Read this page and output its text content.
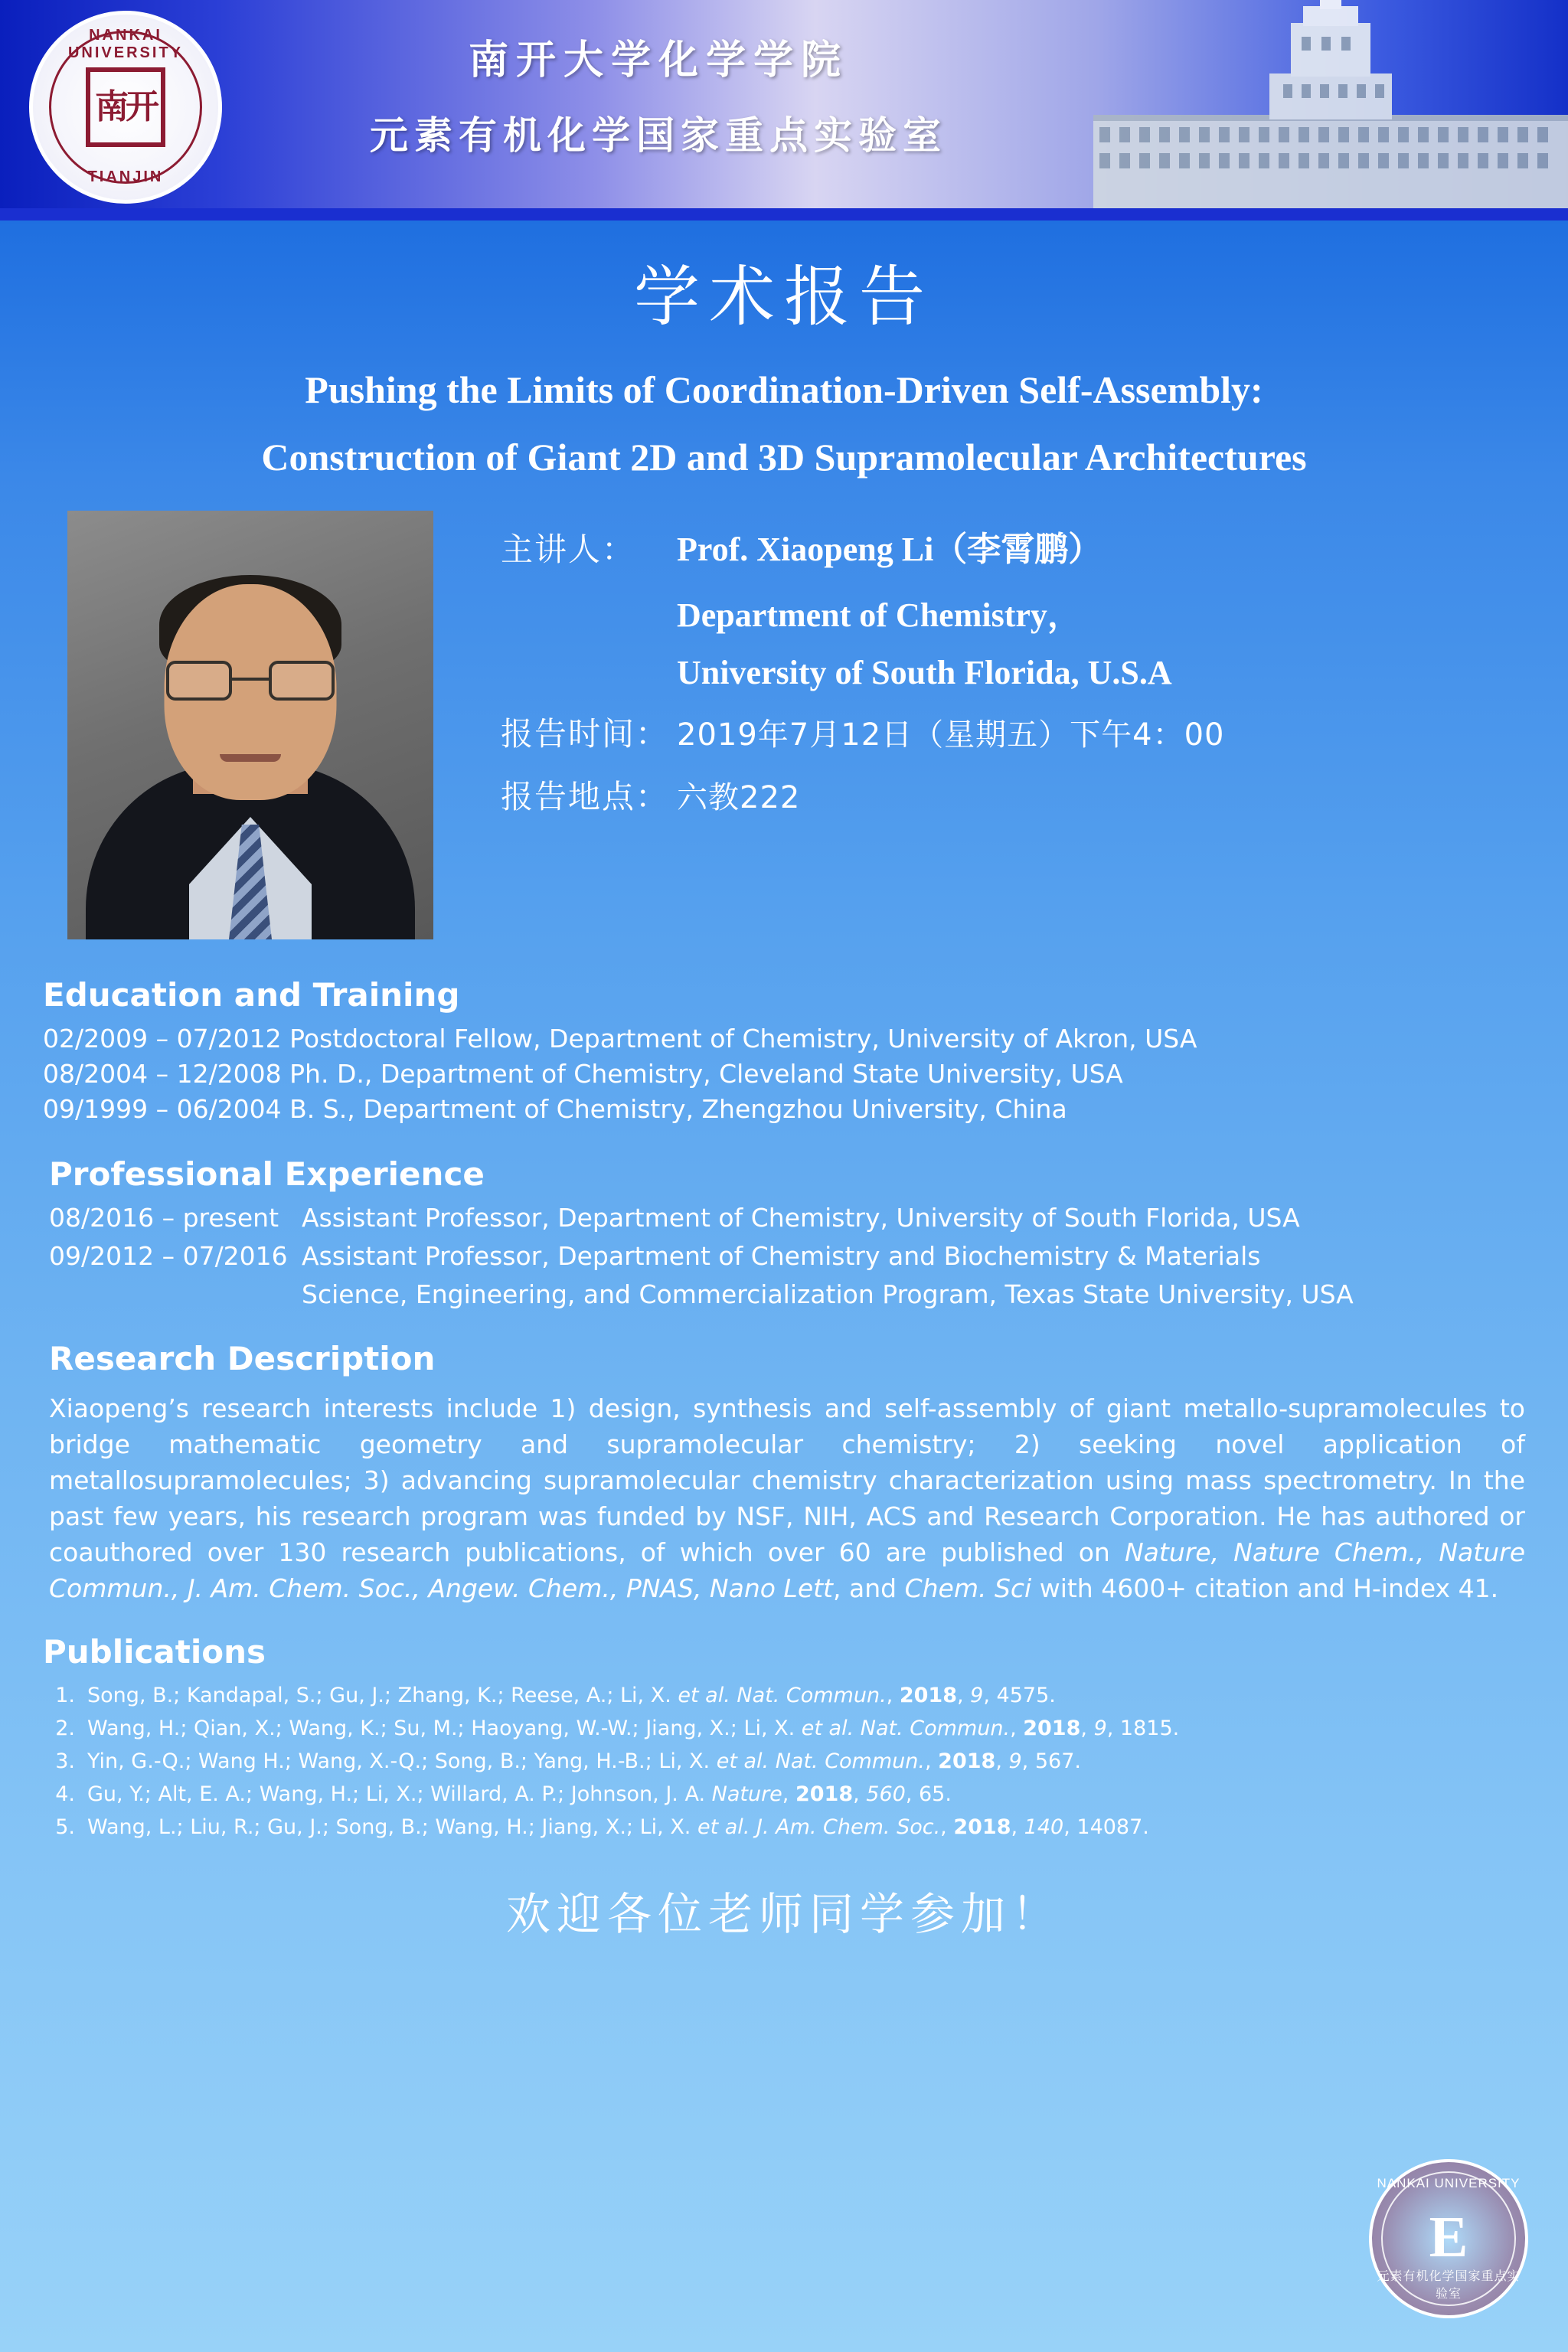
NANKAI UNIVERSITY
南开
TIANJIN
南开大学化学学院
元素有机化学国家重点实验室
学术报告
Pushing the Limits of Coordination-Driven Self-Assembly:
Construction of Giant 2D and 3D Supramolecular Architectures
主讲人：	Prof. Xiaopeng Li（李霄鹏）
Department of Chemistry，
University of South Florida, U.S.A
报告时间： 2019年7月12日（星期五）下午4：00
报告地点： 六教222
Education and Training
02/2009 – 07/2012 Postdoctoral Fellow, Department of Chemistry, University of Akron, USA
08/2004 – 12/2008 Ph. D., Department of Chemistry, Cleveland State University, USA
09/1999 – 06/2004 B. S., Department of Chemistry, Zhengzhou University, China
Professional Experience
08/2016 – present Assistant Professor, Department of Chemistry, University of South Florida, USA
09/2012 – 07/2016 Assistant Professor, Department of Chemistry and Biochemistry & Materials
Science, Engineering, and Commercialization Program, Texas State University, USA
Research Description
Xiaopeng’s research interests include 1) design, synthesis and self-assembly of giant metallo-supramolecules to bridge mathematic geometry and supramolecular chemistry; 2) seeking novel application of metallosupramolecules; 3) advancing supramolecular chemistry characterization using mass spectrometry. In the past few years, his research program was funded by NSF, NIH, ACS and Research Corporation. He has authored or coauthored over 130 research publications, of which over 60 are published on Nature, Nature Chem., Nature Commun., J. Am. Chem. Soc., Angew. Chem., PNAS, Nano Lett, and Chem. Sci with 4600+ citation and H-index 41.
Publications
1. Song, B.; Kandapal, S.; Gu, J.; Zhang, K.; Reese, A.; Li, X. et al. Nat. Commun., 2018, 9, 4575.
2. Wang, H.; Qian, X.; Wang, K.; Su, M.; Haoyang, W.-W.; Jiang, X.; Li, X. et al. Nat. Commun., 2018, 9, 1815.
3. Yin, G.-Q.; Wang H.; Wang, X.-Q.; Song, B.; Yang, H.-B.; Li, X. et al. Nat. Commun., 2018, 9, 567.
4. Gu, Y.; Alt, E. A.; Wang, H.; Li, X.; Willard, A. P.; Johnson, J. A. Nature, 2018, 560, 65.
5. Wang, L.; Liu, R.; Gu, J.; Song, B.; Wang, H.; Jiang, X.; Li, X. et al. J. Am. Chem. Soc., 2018, 140, 14087.
欢迎各位老师同学参加！
NANKAI UNIVERSITY
E
元素有机化学国家重点实验室
